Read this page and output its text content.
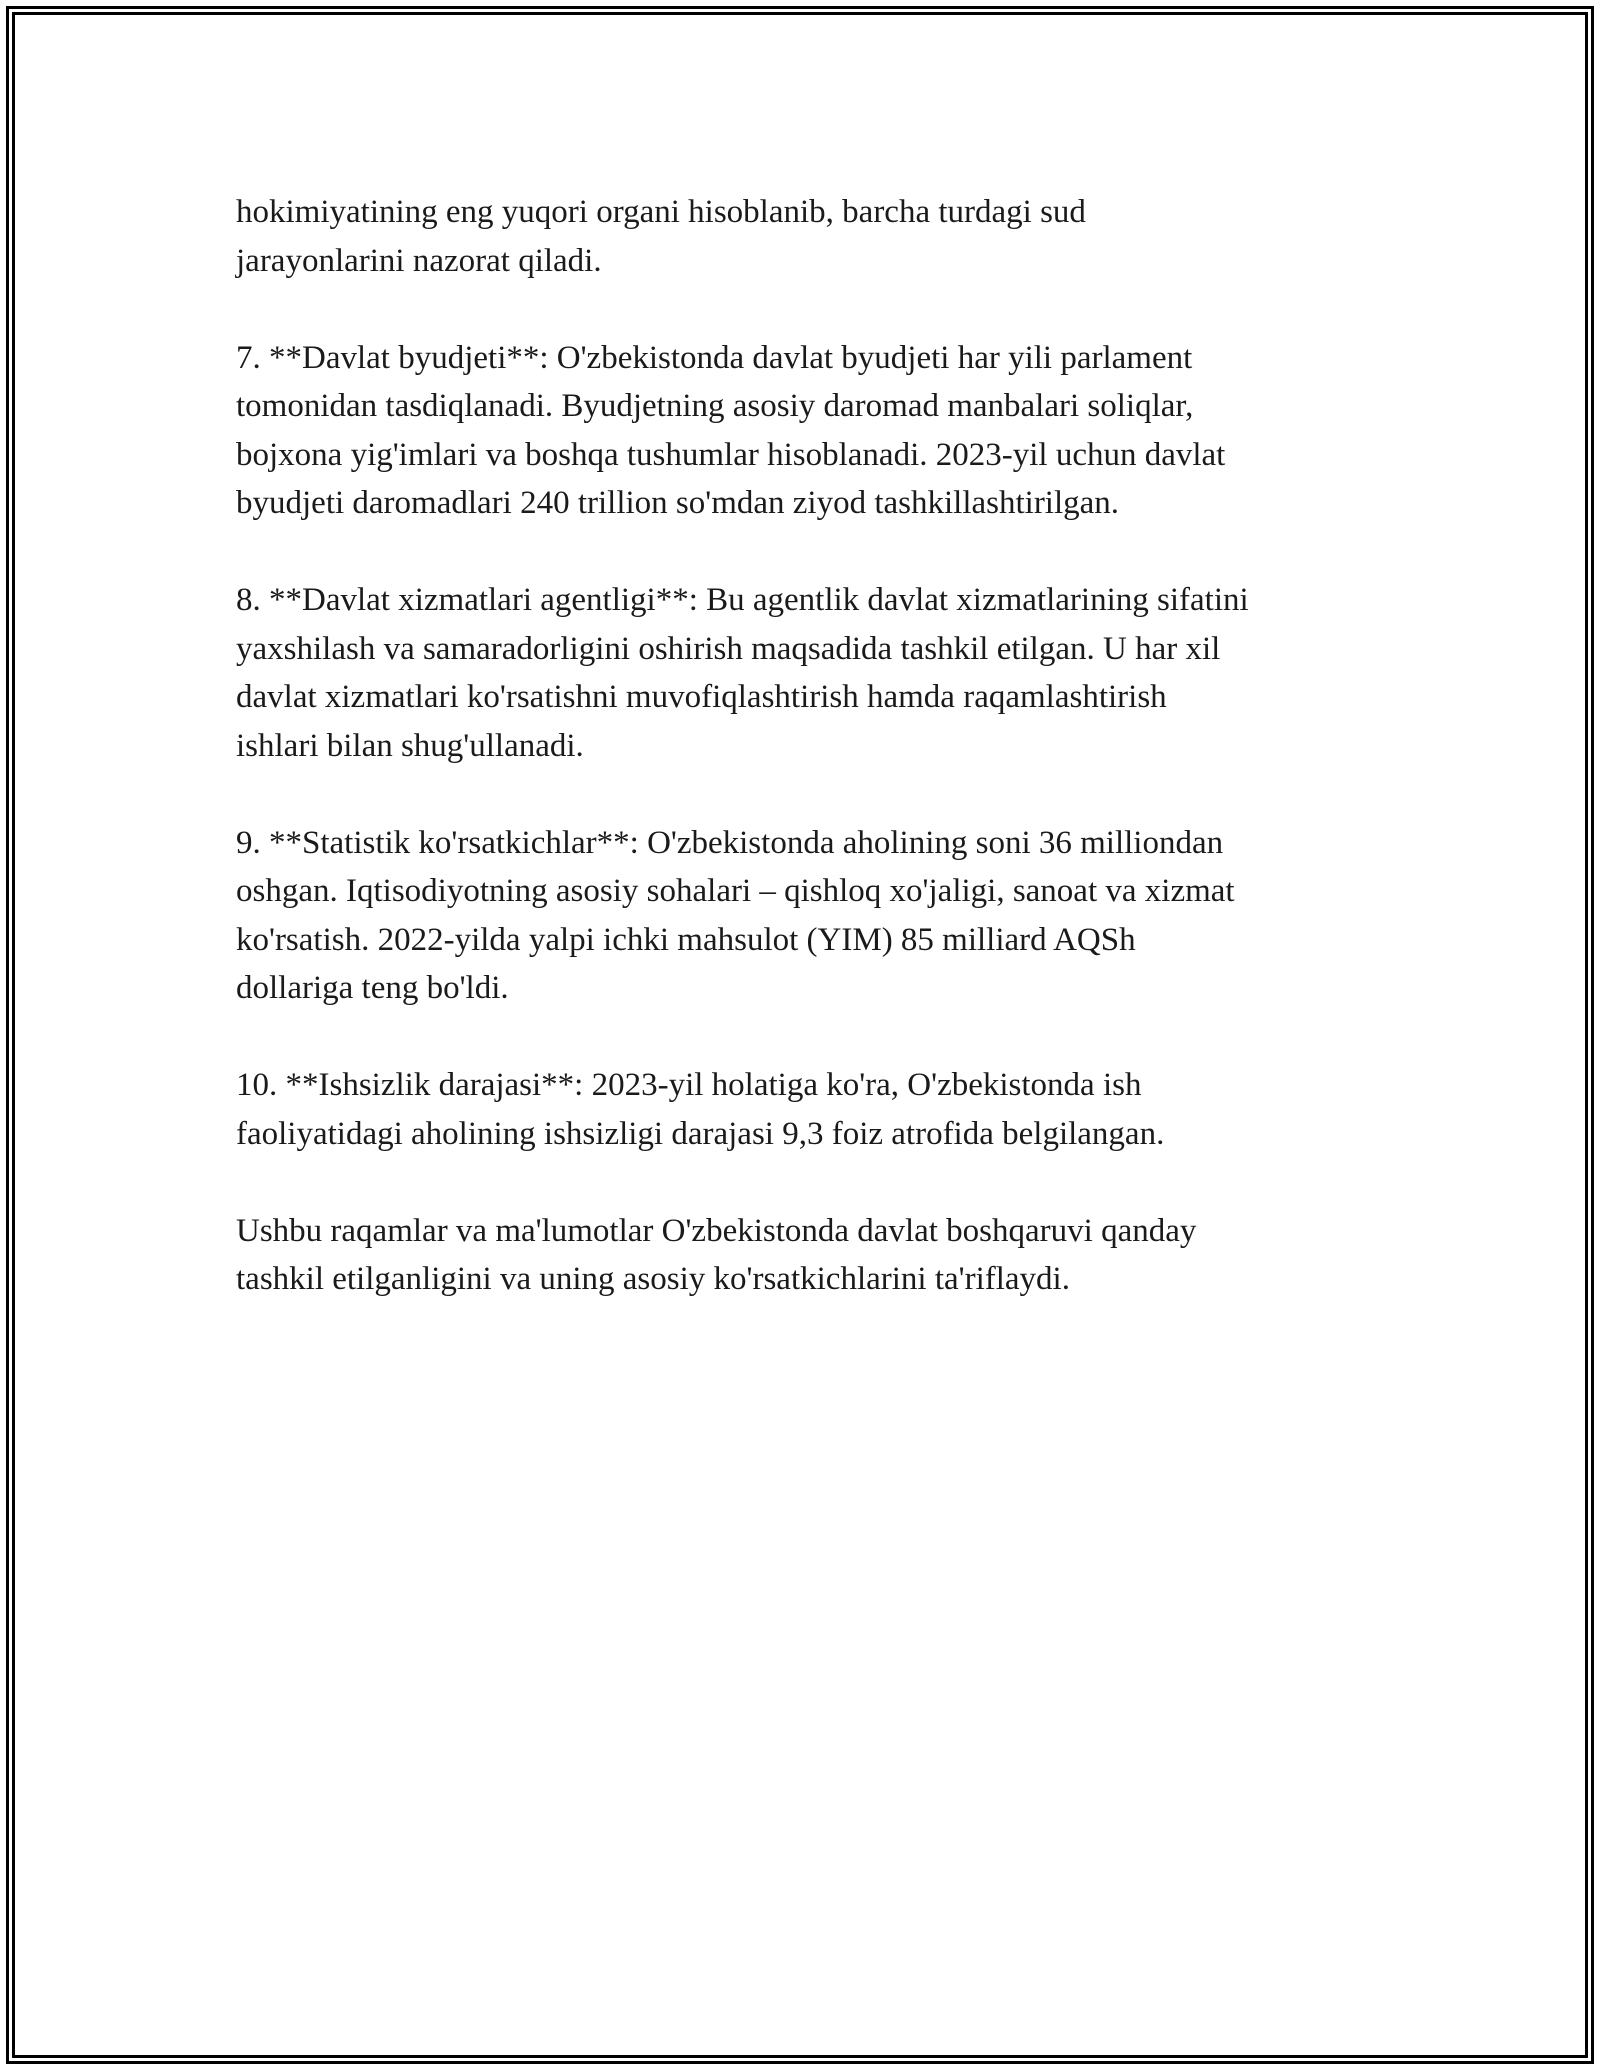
hokimiyatining eng yuqori organi hisoblanib, barcha turdagi sud
jarayonlarini nazorat qiladi.

7. **Davlat byudjeti**: O'zbekistonda davlat byudjeti har yili parlament
tomonidan tasdiqlanadi. Byudjetning asosiy daromad manbalari soliqlar,
bojxona yig'imlari va boshqa tushumlar hisoblanadi. 2023-yil uchun davlat
byudjeti daromadlari 240 trillion so'mdan ziyod tashkillashtirilgan.

8. **Davlat xizmatlari agentligi**: Bu agentlik davlat xizmatlarining sifatini
yaxshilash va samaradorligini oshirish maqsadida tashkil etilgan. U har xil
davlat xizmatlari ko'rsatishni muvofiqlashtirish hamda raqamlashtirish
ishlari bilan shug'ullanadi.

9. **Statistik ko'rsatkichlar**: O'zbekistonda aholining soni 36 milliondan
oshgan. Iqtisodiyotning asosiy sohalari – qishloq xo'jaligi, sanoat va xizmat
ko'rsatish. 2022-yilda yalpi ichki mahsulot (YIM) 85 milliard AQSh
dollariga teng bo'ldi.

10. **Ishsizlik darajasi**: 2023-yil holatiga ko'ra, O'zbekistonda ish
faoliyatidagi aholining ishsizligi darajasi 9,3 foiz atrofida belgilangan.

Ushbu raqamlar va ma'lumotlar O'zbekistonda davlat boshqaruvi qanday
tashkil etilganligini va uning asosiy ko'rsatkichlarini ta'riflaydi.
